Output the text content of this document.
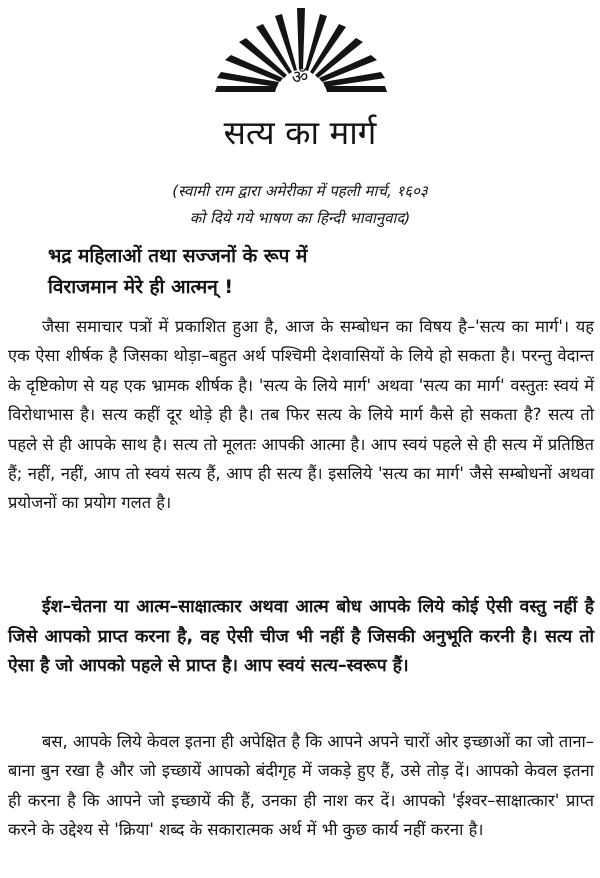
ॐ
सत्य का मार्ग
(स्वामी राम द्वारा अमेरीका में पहली मार्च, १६०३
को दिये गये भाषण का हिन्दी भावानुवाद)
भद्र महिलाओं तथा सज्जनों के रूप में
विराजमान मेरे ही आत्मन् !

जैसा समाचार पत्रों में प्रकाशित हुआ है, आज के सम्बोधन का विषय है–'सत्य का मार्ग'। यह एक ऐसा शीर्षक है जिसका थोड़ा–बहुत अर्थ पश्चिमी देशवासियों के लिये हो सकता है। परन्तु वेदान्त के दृष्टिकोण से यह एक भ्रामक शीर्षक है। 'सत्य के लिये मार्ग' अथवा 'सत्य का मार्ग' वस्तुतः स्वयं में विरोधाभास है। सत्य कहीं दूर थोड़े ही है। तब फिर सत्य के लिये मार्ग कैसे हो सकता है? सत्य तो पहले से ही आपके साथ है। सत्य तो मूलतः आपकी आत्मा है। आप स्वयं पहले से ही सत्य में प्रतिष्ठित हैं; नहीं, नहीं, आप तो स्वयं सत्य हैं, आप ही सत्य हैं। इसलिये 'सत्य का मार्ग' जैसे सम्बोधनों अथवा प्रयोजनों का प्रयोग गलत है।

ईश–चेतना या आत्म–साक्षात्कार अथवा आत्म बोध आपके लिये कोई ऐसी वस्तु नहीं है जिसे आपको प्राप्त करना है, वह ऐसी चीज भी नहीं है जिसकी अनुभूति करनी है। सत्य तो ऐसा है जो आपको पहले से प्राप्त है। आप स्वयं सत्य–स्वरूप हैं।

बस, आपके लिये केवल इतना ही अपेक्षित है कि आपने अपने चारों ओर इच्छाओं का जो ताना–बाना बुन रखा है और जो इच्छायें आपको बंदीगृह में जकड़े हुए हैं, उसे तोड़ दें। आपको केवल इतना ही करना है कि आपने जो इच्छायें की हैं, उनका ही नाश कर दें। आपको 'ईश्वर–साक्षात्कार' प्राप्त करने के उद्देश्य से 'क्रिया' शब्द के सकारात्मक अर्थ में भी कुछ कार्य नहीं करना है।
